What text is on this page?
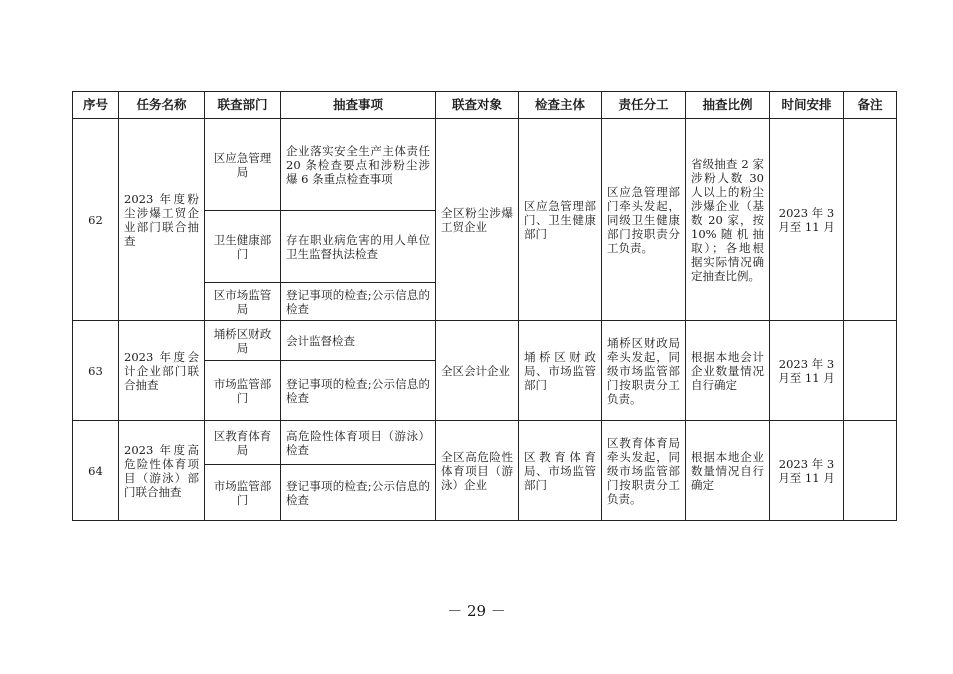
序号	任务名称	联查部门	抽查事项	联查对象	检查主体	责任分工	抽查比例	时间安排	备注
62	2023 年度粉尘涉爆工贸企业部门联合抽查	区应急管理局	企业落实安全生产主体责任 20 条检查要点和涉粉尘涉爆 6 条重点检查事项	全区粉尘涉爆工贸企业	区应急管理部门、卫生健康部门	区应急管理部门牵头发起，同级卫生健康部门按职责分工负责。	省级抽查 2 家涉粉人数 30 人以上的粉尘涉爆企业（基数 20 家，按 10%随机抽取）；各地根据实际情况确定抽查比例。	2023 年 3 月至 11 月	
		卫生健康部门	存在职业病危害的用人单位卫生监督执法检查						
		区市场监管局	登记事项的检查;公示信息的检查						
63	2023 年度会计企业部门联合抽查	埇桥区财政局	会计监督检查	全区会计企业	埇桥区财政局、市场监管部门	埇桥区财政局牵头发起，同级市场监管部门按职责分工负责。	根据本地会计企业数量情况自行确定	2023 年 3 月至 11 月	
		市场监管部门	登记事项的检查;公示信息的检查						
64	2023 年度高危险性体育项目（游泳）部门联合抽查	区教育体育局	高危险性体育项目（游泳）检查	全区高危险性体育项目（游泳）企业	区教育体育局、市场监管部门	区教育体育局牵头发起，同级市场监管部门按职责分工负责。	根据本地企业数量情况自行确定	2023 年 3 月至 11 月	
		市场监管部门	登记事项的检查;公示信息的检查						
－ 29 －
